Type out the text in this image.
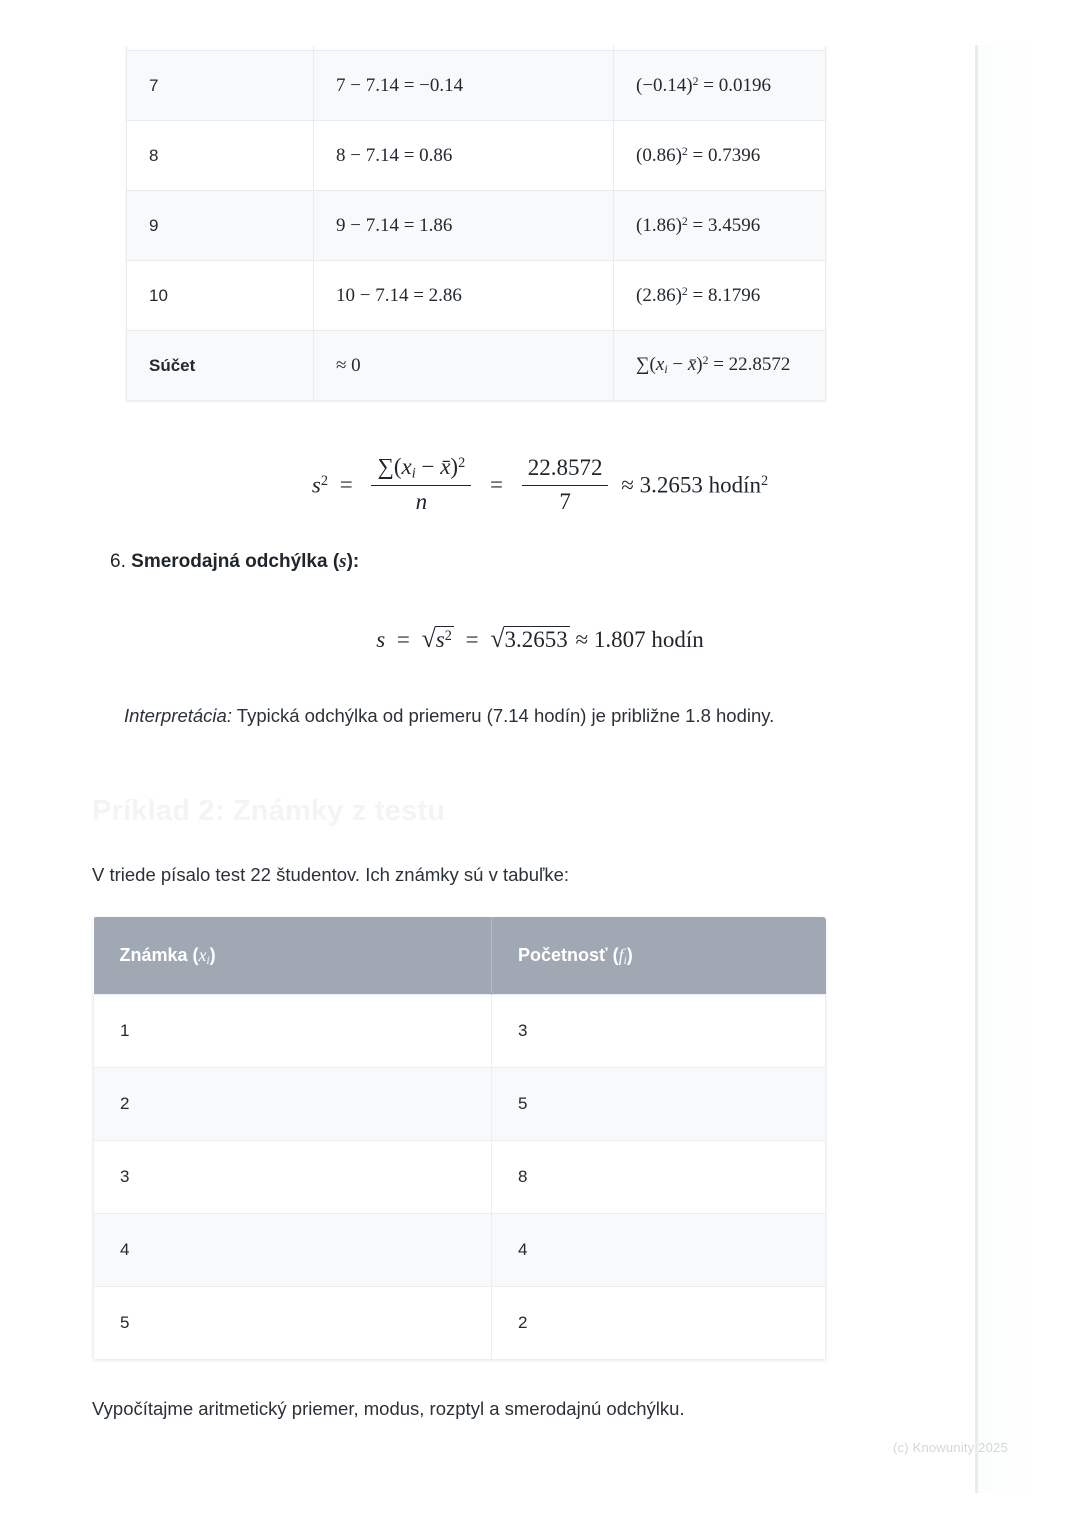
7	7 − 7.14 = −0.14	$(-0.14)^2 = 0.0196$
8	8 − 7.14 = 0.86	$(0.86)^2 = 0.7396$
9	9 − 7.14 = 1.86	$(1.86)^2 = 3.4596$
10	10 − 7.14 = 2.86	$(2.86)^2 = 8.1796$
Súčet	≈ 0	$\sum(x_i$ − x̄)$^2$ = 22.8572
$s^2 = \frac{\sum(x_i - x̄)^2}{n} = \frac{22.8572}{7} \approx 3.2653$ hodín$^2$
6. Smerodajná odchýlka (s):
$s = √s^2 = √3.2653 \approx 1.807$ hodín
Interpretácia: Typická odchýlka od priemeru (7.14 hodín) je približne 1.8 hodiny.
Príklad 2: Známky z testu
V triede písalo test 22 študentov. Ich známky sú v tabuľke:
Známka $(x_i)$	Početnosť $(f_i)$
1	3
2	5
3	8
4	4
5	2
Vypočítajme aritmetický priemer, modus, rozptyl a smerodajnú odchýlku.
(c) Knowunity 2025
